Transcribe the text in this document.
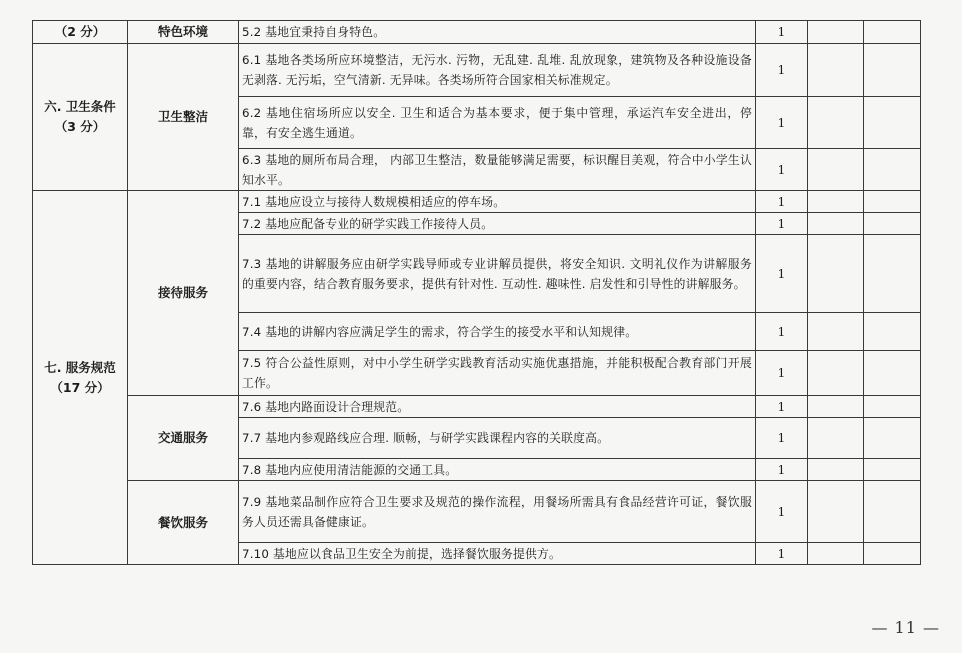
（2 分）	特色环境	5.2 基地宜秉持自身特色。	1		

六. 卫生条件
（3 分）	卫生整洁	6.1 基地各类场所应环境整洁，无污水. 污物，无乱建. 乱堆. 乱放现象，建筑物及各种设施设备无剥落. 无污垢，空气清新. 无异味。各类场所符合国家相关标准规定。	1		
		6.2 基地住宿场所应以安全. 卫生和适合为基本要求，便于集中管理，承运汽车安全进出，停靠，有安全逃生通道。	1		
		6.3 基地的厕所布局合理， 内部卫生整洁，数量能够满足需要，标识醒目美观，符合中小学生认知水平。	1		

七. 服务规范
（17 分）	接待服务	7.1 基地应设立与接待人数规模相适应的停车场。	1		
		7.2 基地应配备专业的研学实践工作接待人员。	1		
		7.3 基地的讲解服务应由研学实践导师或专业讲解员提供，将安全知识. 文明礼仪作为讲解服务的重要内容，结合教育服务要求，提供有针对性. 互动性. 趣味性. 启发性和引导性的讲解服务。	1		
		7.4 基地的讲解内容应满足学生的需求，符合学生的接受水平和认知规律。	1		
		7.5 符合公益性原则，对中小学生研学实践教育活动实施优惠措施，并能积极配合教育部门开展工作。	1		
	交通服务	7.6 基地内路面设计合理规范。	1		
		7.7 基地内参观路线应合理. 顺畅，与研学实践课程内容的关联度高。	1		
		7.8 基地内应使用清洁能源的交通工具。	1		
	餐饮服务	7.9 基地菜品制作应符合卫生要求及规范的操作流程，用餐场所需具有食品经营许可证，餐饮服务人员还需具备健康证。	1		
		7.10 基地应以食品卫生安全为前提，选择餐饮服务提供方。	1		
— 11 —
